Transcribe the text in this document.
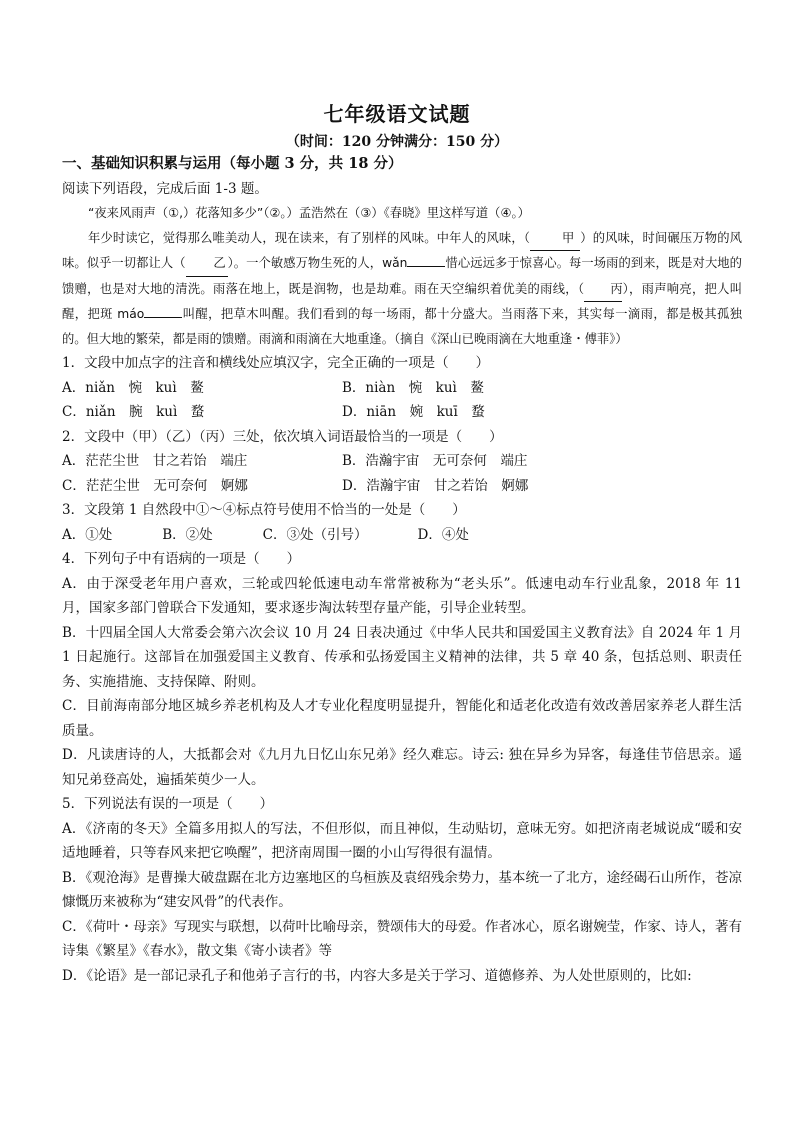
七年级语文试题
（时间：120 分钟满分：150 分）
一、基础知识积累与运用（每小题 3 分，共 18 分）
阅读下列语段，完成后面 1-3 题。
“夜来风雨声（①,）花落知多少”（②。）孟浩然在（③）《春晓》里这样写道（④。）
年少时读它，觉得那么唯美动人，现在读来，有了别样的风味。中年人的风味，（	甲 ）的风味，时间碾压万物的风味。似乎一切都让人（ 乙 ）。一个敏感万物生死的人，wǎn	惜心远远多于惊喜心。每一场雨的到来，既是对大地的馈赠，也是对大地的清洗。雨落在地上，既是润物，也是劫难。雨在天空编织着优美的雨线，（ 丙），雨声响亮，把人叫醒，把斑 máo	叫醒，把草木叫醒。我们看到的每一场雨，都十分盛大。当雨落下来，其实每一滴雨，都是极其孤独的。但大地的繁荣，都是雨的馈赠。雨滴和雨滴在大地重逢。（摘自《深山已晚雨滴在大地重逢・傅菲》）
1．文段中加点字的注音和横线处应填汉字，完全正确的一项是（　　）
A．niǎn　惋　kuì　鳌	B．niàn　惋　kuì　鳌
C．niǎn　腕　kuì　蝥	D．niān　婉　kuī　蝥
2．文段中（甲）（乙）（丙）三处，依次填入词语最恰当的一项是（　　）
A．茫茫尘世　甘之若饴　端庄	B．浩瀚宇宙　无可奈何　端庄
C．茫茫尘世　无可奈何　婀娜	D．浩瀚宇宙　甘之若饴　婀娜
3．文段第 1 自然段中①～④标点符号使用不恰当的一处是（　　）
A．①处	B．②处	C．③处（引号）	D．④处
4．下列句子中有语病的一项是（　　）
A．由于深受老年用户喜欢，三轮或四轮低速电动车常常被称为“老头乐”。低速电动车行业乱象，2018 年 11 月，国家多部门曾联合下发通知，要求逐步淘汰转型存量产能，引导企业转型。
B．十四届全国人大常委会第六次会议 10 月 24 日表决通过《中华人民共和国爱国主义教育法》自 2024 年 1 月 1 日起施行。这部旨在加强爱国主义教育、传承和弘扬爱国主义精神的法律，共 5 章 40 条，包括总则、职责任务、实施措施、支持保障、附则。
C．目前海南部分地区城乡养老机构及人才专业化程度明显提升，智能化和适老化改造有效改善居家养老人群生活质量。
D．凡读唐诗的人，大抵都会对《九月九日忆山东兄弟》经久难忘。诗云: 独在异乡为异客，每逢佳节倍思亲。遥知兄弟登高处，遍插茱萸少一人。
5．下列说法有误的一项是（　　）
A．《济南的冬天》全篇多用拟人的写法，不但形似，而且神似，生动贴切，意味无穷。如把济南老城说成“暖和安适地睡着，只等春风来把它唤醒”，把济南周围一圈的小山写得很有温情。
B．《观沧海》是曹操大破盘踞在北方边塞地区的乌桓族及袁绍残余势力，基本统一了北方，途经碣石山所作，苍凉慷慨历来被称为“建安风骨”的代表作。
C．《荷叶・母亲》写现实与联想，以荷叶比喻母亲，赞颂伟大的母爱。作者冰心，原名谢婉莹，作家、诗人，著有诗集《繁星》《春水》，散文集《寄小读者》等
D．《论语》是一部记录孔子和他弟子言行的书，内容大多是关于学习、道德修养、为人处世原则的，比如:
